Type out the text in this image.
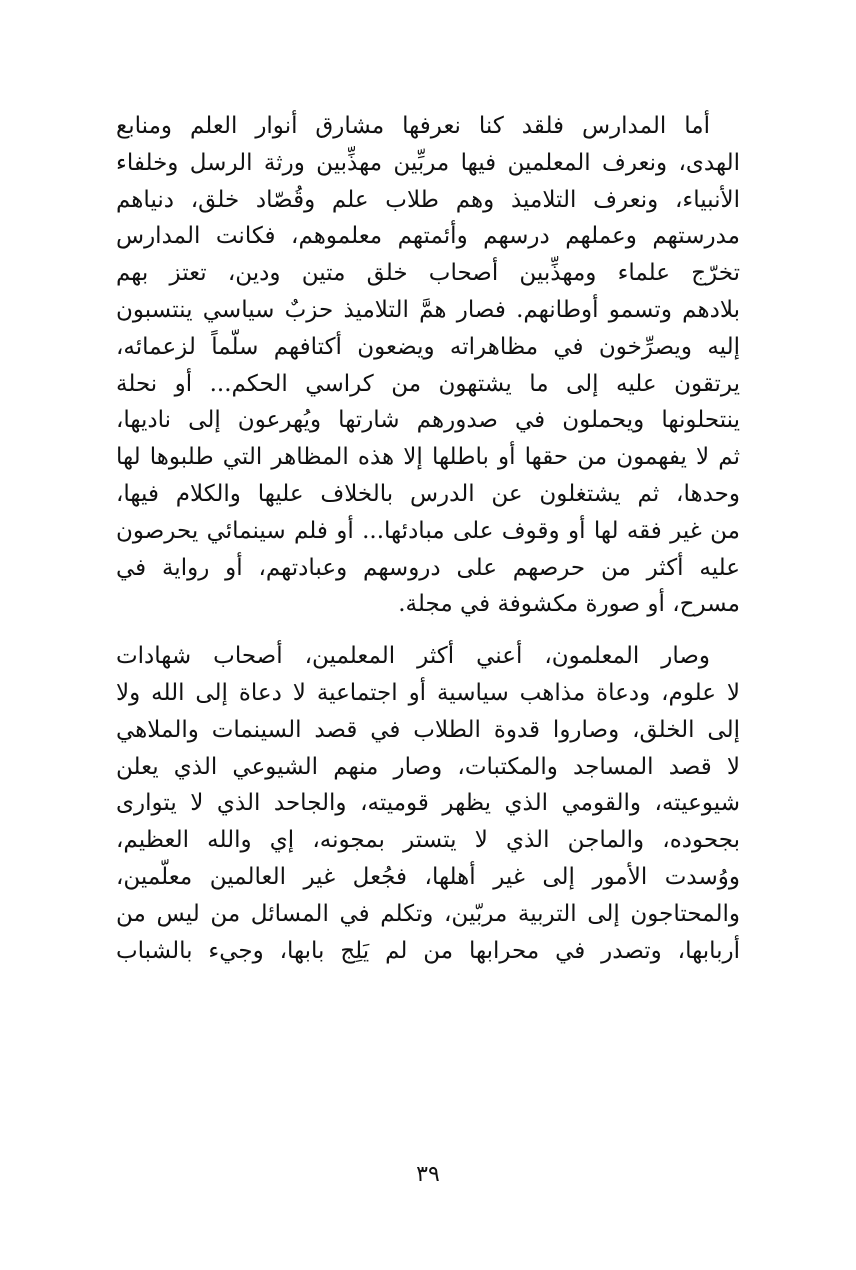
أما المدارس فلقد كنا نعرفها مشارق أنوار العلم ومنابع
الهدى، ونعرف المعلمين فيها مربِّين مهذِّبين ورثة الرسل وخلفاء
الأنبياء، ونعرف التلاميذ وهم طلاب علم وقُصّاد خلق، دنياهم
مدرستهم وعملهم درسهم وأئمتهم معلموهم، فكانت المدارس
تخرّج علماء ومهذِّبين أصحاب خلق متين ودين، تعتز بهم
بلادهم وتسمو أوطانهم. فصار همَّ التلاميذ حزبٌ سياسي ينتسبون
إليه ويصرِّخون في مظاهراته ويضعون أكتافهم سلّماً لزعمائه،
يرتقون عليه إلى ما يشتهون من كراسي الحكم... أو نحلة
ينتحلونها ويحملون في صدورهم شارتها ويُهرعون إلى ناديها،
ثم لا يفهمون من حقها أو باطلها إلا هذه المظاهر التي طلبوها لها
وحدها، ثم يشتغلون عن الدرس بالخلاف عليها والكلام فيها،
من غير فقه لها أو وقوف على مبادئها... أو فلم سينمائي يحرصون
عليه أكثر من حرصهم على دروسهم وعبادتهم، أو رواية في
مسرح، أو صورة مكشوفة في مجلة.
وصار المعلمون، أعني أكثر المعلمين، أصحاب شهادات
لا علوم، ودعاة مذاهب سياسية أو اجتماعية لا دعاة إلى الله ولا
إلى الخلق، وصاروا قدوة الطلاب في قصد السينمات والملاهي
لا قصد المساجد والمكتبات، وصار منهم الشيوعي الذي يعلن
شيوعيته، والقومي الذي يظهر قوميته، والجاحد الذي لا يتوارى
بجحوده، والماجن الذي لا يتستر بمجونه، إي والله العظيم،
ووُسدت الأمور إلى غير أهلها، فجُعل غير العالمين معلّمين،
والمحتاجون إلى التربية مربّين، وتكلم في المسائل من ليس من
أربابها، وتصدر في محرابها من لم يَلِج بابها، وجيء بالشباب
٣٩
